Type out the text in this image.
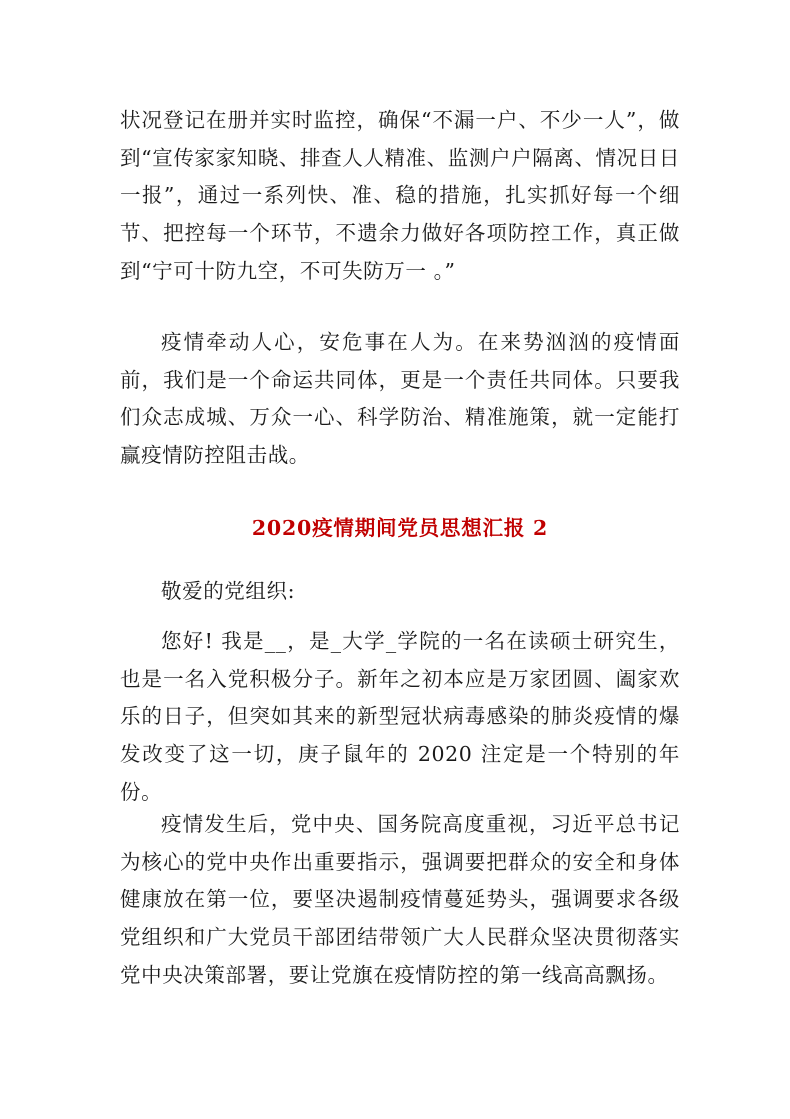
状况登记在册并实时监控，确保“不漏一户、不少一人”，做到“宣传家家知晓、排查人人精准、监测户户隔离、情况日日一报”，通过一系列快、准、稳的措施，扎实抓好每一个细节、把控每一个环节，不遗余力做好各项防控工作，真正做到“宁可十防九空，不可失防万一 。”

疫情牵动人心，安危事在人为。在来势汹汹的疫情面前，我们是一个命运共同体，更是一个责任共同体。只要我们众志成城、万众一心、科学防治、精准施策，就一定能打赢疫情防控阻击战。

2020疫情期间党员思想汇报 2

敬爱的党组织:

您好! 我是__，是_大学_学院的一名在读硕士研究生，也是一名入党积极分子。新年之初本应是万家团圆、阖家欢乐的日子，但突如其来的新型冠状病毒感染的肺炎疫情的爆发改变了这一切，庚子鼠年的 2020 注定是一个特别的年份。

疫情发生后，党中央、国务院高度重视，习近平总书记为核心的党中央作出重要指示，强调要把群众的安全和身体健康放在第一位，要坚决遏制疫情蔓延势头，强调要求各级党组织和广大党员干部团结带领广大人民群众坚决贯彻落实党中央决策部署，要让党旗在疫情防控的第一线高高飘扬。
